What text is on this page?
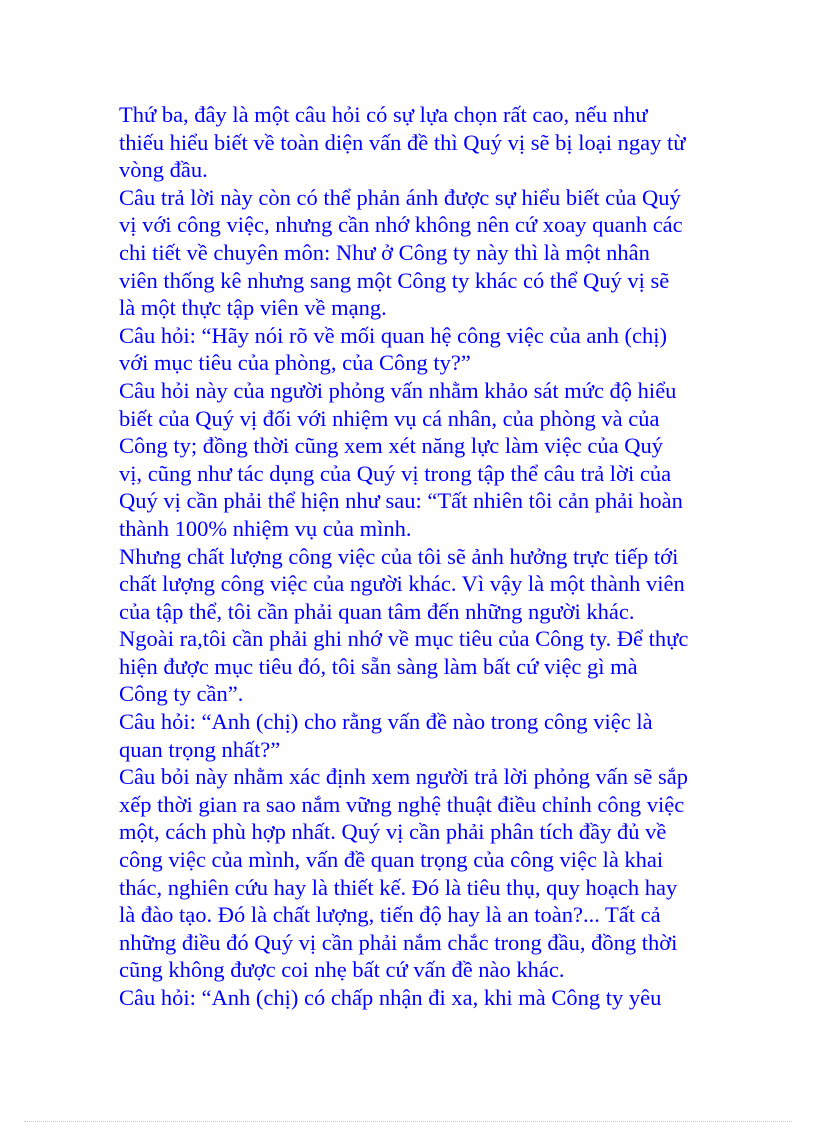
Thứ ba, đây là một câu hỏi có sự lựa chọn rất cao, nếu như
thiếu hiểu biết về toàn diện vấn đề thì Quý vị sẽ bị loại ngay từ
vòng đầu.
Câu trả lời này còn có thể phản ánh được sự hiểu biết của Quý
vị với công việc, nhưng cần nhớ không nên cứ xoay quanh các
chi tiết về chuyên môn: Như ở Công ty này thì là một nhân
viên thống kê nhưng sang một Công ty khác có thể Quý vị sẽ
là một thực tập viên về mạng.
Câu hỏi: “Hãy nói rõ về mối quan hệ công việc của anh (chị)
với mục tiêu của phòng, của Công ty?”
Câu hỏi này của người phỏng vấn nhằm khảo sát mức độ hiểu
biết của Quý vị đối với nhiệm vụ cá nhân, của phòng và của
Công ty; đồng thời cũng xem xét năng lực làm việc của Quý
vị, cũng như tác dụng của Quý vị trong tập thể câu trả lời của
Quý vị cần phải thể hiện như sau: “Tất nhiên tôi cản phải hoàn
thành 100% nhiệm vụ của mình.
Nhưng chất lượng công việc của tôi sẽ ảnh hưởng trực tiếp tới
chất lượng công việc của người khác. Vì vậy là một thành viên
của tập thể, tôi cần phải quan tâm đến những người khác.
Ngoài ra,tôi cần phải ghi nhớ về mục tiêu của Công ty. Để thực
hiện được mục tiêu đó, tôi sẵn sàng làm bất cứ việc gì mà
Công ty cần”.
Câu hỏi: “Anh (chị) cho rằng vấn đề nào trong công việc là
quan trọng nhất?”
Câu bỏi này nhằm xác định xem người trả lời phỏng vấn sẽ sắp
xếp thời gian ra sao nắm vững nghệ thuật điều chỉnh công việc
một, cách phù hợp nhất. Quý vị cần phải phân tích đầy đủ về
công việc của mình, vấn đề quan trọng của công việc là khai
thác, nghiên cứu hay là thiết kế. Đó là tiêu thụ, quy hoạch hay
là đào tạo. Đó là chất lượng, tiến độ hay là an toàn?... Tất cả
những điều đó Quý vị cần phải nắm chắc trong đầu, đồng thời
cũng không được coi nhẹ bất cứ vấn đề nào khác.
Câu hỏi: “Anh (chị) có chấp nhận đi xa, khi mà Công ty yêu
